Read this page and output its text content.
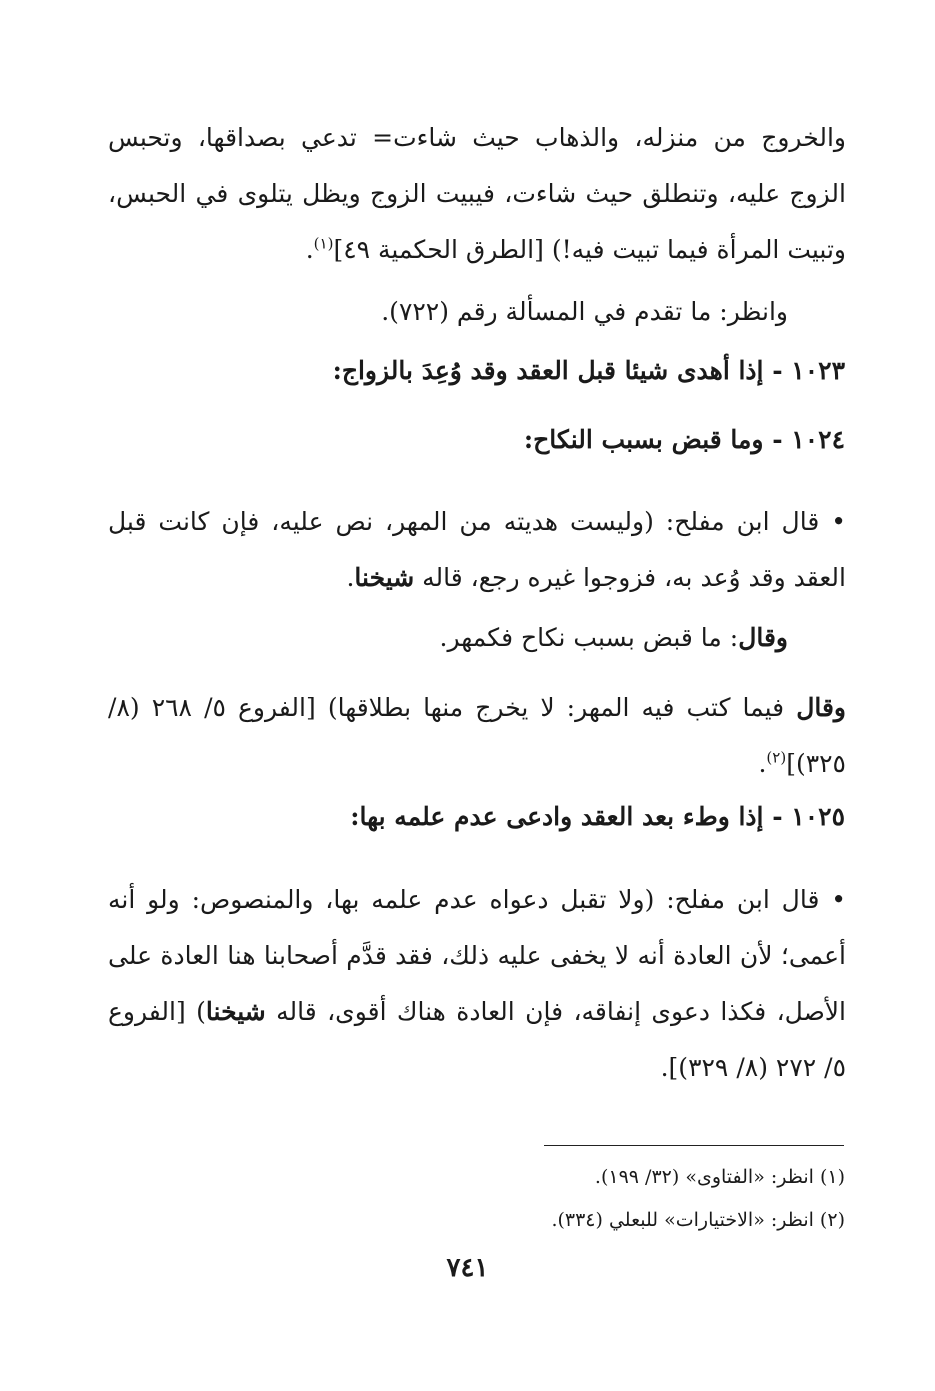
والخروج من منزله، والذهاب حيث شاءت= تدعي بصداقها، وتحبس الزوج عليه، وتنطلق حيث شاءت، فيبيت الزوج ويظل يتلوى في الحبس، وتبيت المرأة فيما تبيت فيه!) [الطرق الحكمية ٤٩]$^{(١)}$.
وانظر: ما تقدم في المسألة رقم (٧٢٢).
١٠٢٣ - إذا أهدى شيئا قبل العقد وقد وُعِدَ بالزواج:
١٠٢٤ - وما قبض بسبب النكاح:
• قال ابن مفلح: (وليست هديته من المهر، نص عليه، فإن كانت قبل العقد وقد وُعد به، فزوجوا غيره رجع، قاله شيخنا.
وقال: ما قبض بسبب نكاح فكمهر.
وقال فيما كتب فيه المهر: لا يخرج منها بطلاقها) [الفروع ٥/ ٢٦٨ (٨/ ٣٢٥)]$^{(٢)}$.
١٠٢٥ - إذا وطء بعد العقد وادعى عدم علمه بها:
• قال ابن مفلح: (ولا تقبل دعواه عدم علمه بها، والمنصوص: ولو أنه أعمى؛ لأن العادة أنه لا يخفى عليه ذلك، فقد قدَّم أصحابنا هنا العادة على الأصل، فكذا دعوى إنفاقه، فإن العادة هناك أقوى، قاله شيخنا) [الفروع ٥/ ٢٧٢ (٨/ ٣٢٩)].
(١) انظر: «الفتاوى» (٣٢/ ١٩٩).
(٢) انظر: «الاختيارات» للبعلي (٣٣٤).
٧٤١
